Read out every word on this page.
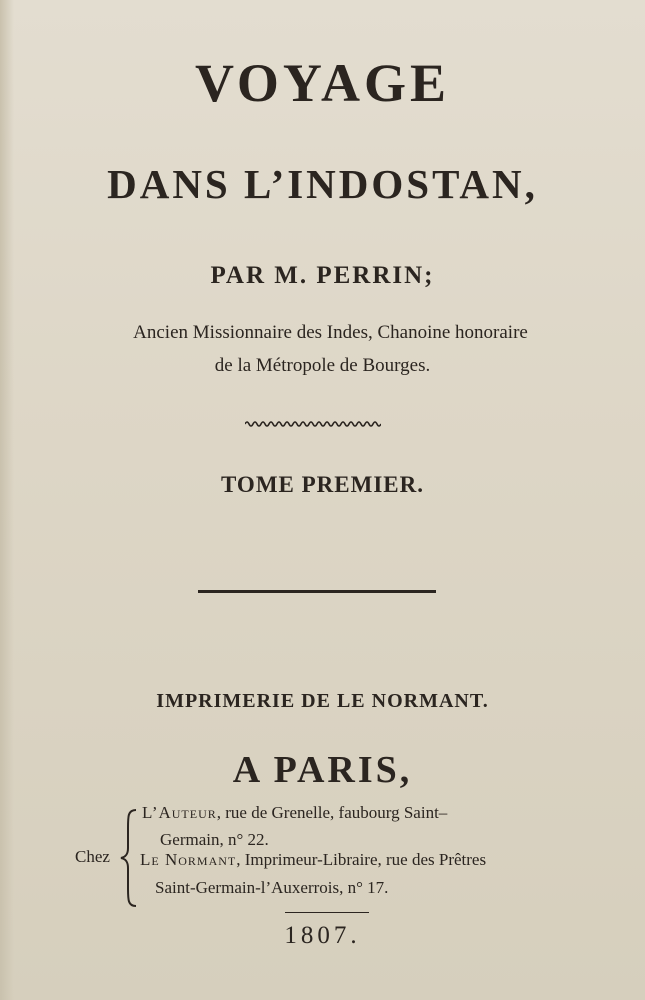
VOYAGE
DANS L’INDOSTAN,
PAR M. PERRIN;
Ancien Missionnaire des Indes, Chanoine honoraire
de la Métropole de Bourges.
TOME PREMIER.
IMPRIMERIE DE LE NORMANT.
A PARIS,
Chez
L’Auteur, rue de Grenelle, faubourg Saint–
Germain, n° 22.
Le Normant, Imprimeur-Libraire, rue des Prêtres
Saint-Germain-l’Auxerrois, n° 17.
1807.
